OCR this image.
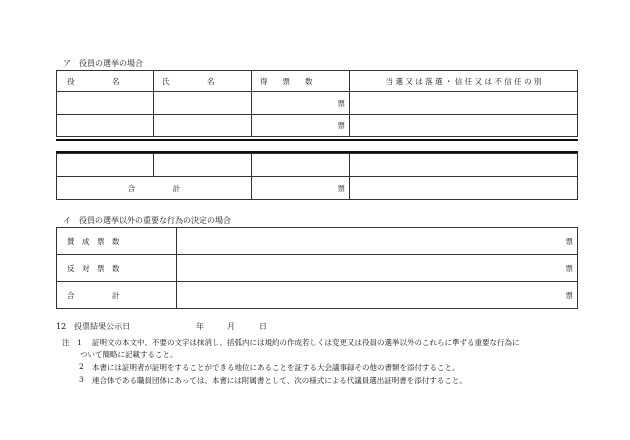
ア　役員の選挙の場合
役　　　　　名	氏　　　　　名	得　　票　　数	当 選 又 は 落 選 ・ 信 任 又 は 不 信 任 の 別

		票	
		票	

合　　　　　計		票	
イ　役員の選挙以外の重要な行為の決定の場合
賛　成　票　数	票

反　対　票　数	票

合　　　　　計	票
12　投票結果公示日	年	月	日
注　1 証明文の本文中、不要の文字は抹消し、括弧内には規約の作成若しくは変更又は役員の選挙以外のこれらに準ずる重要な行為に
ついて簡略に記載すること。
2 本書には証明者が証明をすることができる地位にあることを証する大会議事録その他の書類を添付すること。
3 連合体である職員団体にあっては、本書には附属書として、次の様式による代議員選出証明書を添付すること。
